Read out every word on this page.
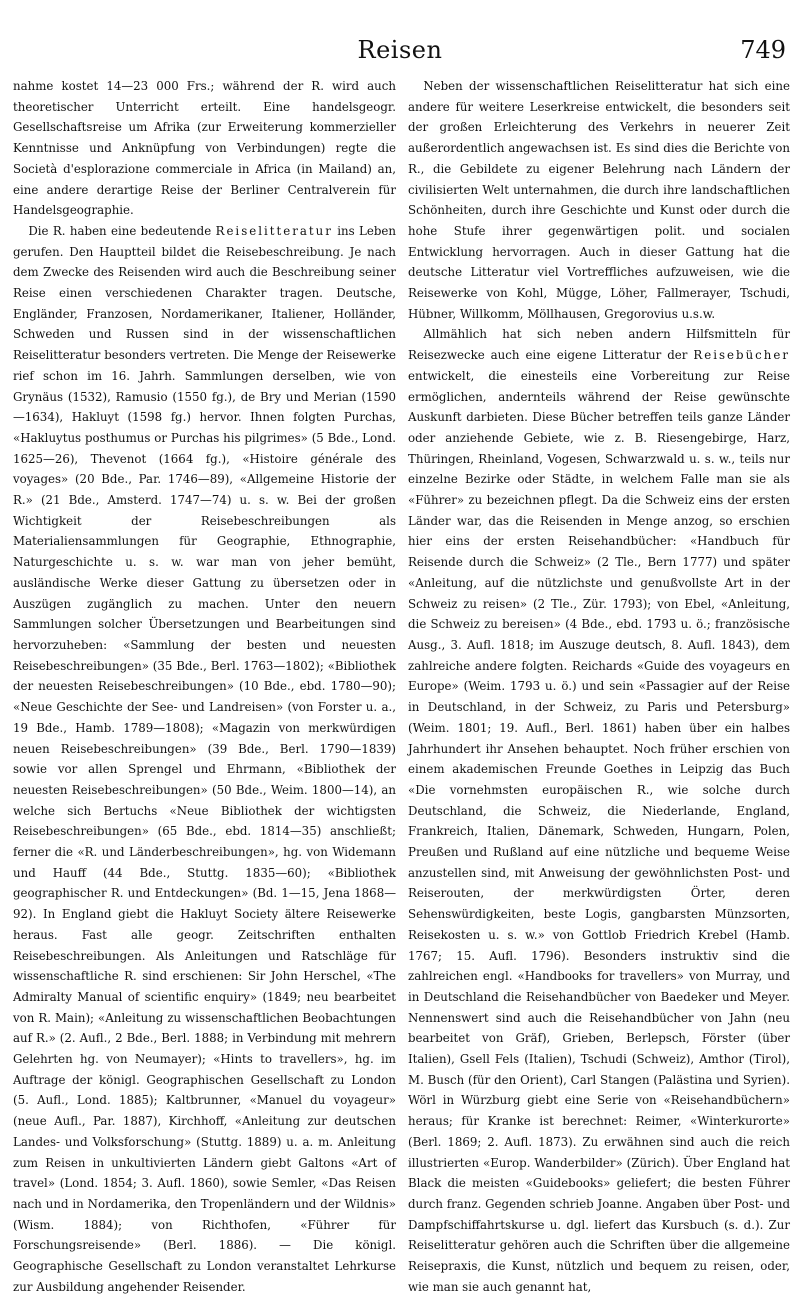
Reisen	749

nahme kostet 14—23 000 Frs.; während der R. wird auch theoretischer Unterricht erteilt. Eine handelsgeogr. Gesellschaftsreise um Afrika (zur Erweiterung kommerzieller Kenntnisse und Anknüpfung von Verbindungen) regte die Società d'esplorazione commerciale in Africa (in Mailand) an, eine andere derartige Reise der Berliner Centralverein für Handelsgeographie.

Die R. haben eine bedeutende Reiselitteratur ins Leben gerufen. Den Hauptteil bildet die Reisebeschreibung. Je nach dem Zwecke des Reisenden wird auch die Beschreibung seiner Reise einen verschiedenen Charakter tragen. Deutsche, Engländer, Franzosen, Nordamerikaner, Italiener, Holländer, Schweden und Russen sind in der wissenschaftlichen Reiselitteratur besonders vertreten. Die Menge der Reisewerke rief schon im 16. Jahrh. Sammlungen derselben, wie von Grynäus (1532), Ramusio (1550 fg.), de Bry und Merian (1590—1634), Hakluyt (1598 fg.) hervor. Ihnen folgten Purchas, «Hakluytus posthumus or Purchas his pilgrimes» (5 Bde., Lond. 1625—26), Thevenot (1664 fg.), «Histoire générale des voyages» (20 Bde., Par. 1746—89), «Allgemeine Historie der R.» (21 Bde., Amsterd. 1747—74) u. s. w. Bei der großen Wichtigkeit der Reisebeschreibungen als Materialiensammlungen für Geographie, Ethnographie, Naturgeschichte u. s. w. war man von jeher bemüht, ausländische Werke dieser Gattung zu übersetzen oder in Auszügen zugänglich zu machen. Unter den neuern Sammlungen solcher Übersetzungen und Bearbeitungen sind hervorzuheben: «Sammlung der besten und neuesten Reisebeschreibungen» (35 Bde., Berl. 1763—1802); «Bibliothek der neuesten Reisebeschreibungen» (10 Bde., ebd. 1780—90); «Neue Geschichte der See- und Landreisen» (von Forster u. a., 19 Bde., Hamb. 1789—1808); «Magazin von merkwürdigen neuen Reisebeschreibungen» (39 Bde., Berl. 1790—1839) sowie vor allen Sprengel und Ehrmann, «Bibliothek der neuesten Reisebeschreibungen» (50 Bde., Weim. 1800—14), an welche sich Bertuchs «Neue Bibliothek der wichtigsten Reisebeschreibungen» (65 Bde., ebd. 1814—35) anschließt; ferner die «R. und Länderbeschreibungen», hg. von Widemann und Hauff (44 Bde., Stuttg. 1835—60); «Bibliothek geographischer R. und Entdeckungen» (Bd. 1—15, Jena 1868—92). In England giebt die Hakluyt Society ältere Reisewerke heraus. Fast alle geogr. Zeitschriften enthalten Reisebeschreibungen. Als Anleitungen und Ratschläge für wissenschaftliche R. sind erschienen: Sir John Herschel, «The Admiralty Manual of scientific enquiry» (1849; neu bearbeitet von R. Main); «Anleitung zu wissenschaftlichen Beobachtungen auf R.» (2. Aufl., 2 Bde., Berl. 1888; in Verbindung mit mehrern Gelehrten hg. von Neumayer); «Hints to travellers», hg. im Auftrage der königl. Geographischen Gesellschaft zu London (5. Aufl., Lond. 1885); Kaltbrunner, «Manuel du voyageur» (neue Aufl., Par. 1887), Kirchhoff, «Anleitung zur deutschen Landes- und Volksforschung» (Stuttg. 1889) u. a. m. Anleitung zum Reisen in unkultivierten Ländern giebt Galtons «Art of travel» (Lond. 1854; 3. Aufl. 1860), sowie Semler, «Das Reisen nach und in Nordamerika, den Tropenländern und der Wildnis» (Wism. 1884); von Richthofen, «Führer für Forschungsreisende» (Berl. 1886). — Die königl. Geographische Gesellschaft zu London veranstaltet Lehrkurse zur Ausbildung angehender Reisender.

Neben der wissenschaftlichen Reiselitteratur hat sich eine andere für weitere Leserkreise entwickelt, die besonders seit der großen Erleichterung des Verkehrs in neuerer Zeit außerordentlich angewachsen ist. Es sind dies die Berichte von R., die Gebildete zu eigener Belehrung nach Ländern der civilisierten Welt unternahmen, die durch ihre landschaftlichen Schönheiten, durch ihre Geschichte und Kunst oder durch die hohe Stufe ihrer gegenwärtigen polit. und socialen Entwicklung hervorragen. Auch in dieser Gattung hat die deutsche Litteratur viel Vortreffliches aufzuweisen, wie die Reisewerke von Kohl, Mügge, Löher, Fallmerayer, Tschudi, Hübner, Willkomm, Möllhausen, Gregorovius u.s.w.

Allmählich hat sich neben andern Hilfsmitteln für Reisezwecke auch eine eigene Litteratur der Reisebücher entwickelt, die einesteils eine Vorbereitung zur Reise ermöglichen, andernteils während der Reise gewünschte Auskunft darbieten. Diese Bücher betreffen teils ganze Länder oder anziehende Gebiete, wie z. B. Riesengebirge, Harz, Thüringen, Rheinland, Vogesen, Schwarzwald u. s. w., teils nur einzelne Bezirke oder Städte, in welchem Falle man sie als «Führer» zu bezeichnen pflegt. Da die Schweiz eins der ersten Länder war, das die Reisenden in Menge anzog, so erschien hier eins der ersten Reisehandbücher: «Handbuch für Reisende durch die Schweiz» (2 Tle., Bern 1777) und später «Anleitung, auf die nützlichste und genußvollste Art in der Schweiz zu reisen» (2 Tle., Zür. 1793); von Ebel, «Anleitung, die Schweiz zu bereisen» (4 Bde., ebd. 1793 u. ö.; französische Ausg., 3. Aufl. 1818; im Auszuge deutsch, 8. Aufl. 1843), dem zahlreiche andere folgten. Reichards «Guide des voyageurs en Europe» (Weim. 1793 u. ö.) und sein «Passagier auf der Reise in Deutschland, in der Schweiz, zu Paris und Petersburg» (Weim. 1801; 19. Aufl., Berl. 1861) haben über ein halbes Jahrhundert ihr Ansehen behauptet. Noch früher erschien von einem akademischen Freunde Goethes in Leipzig das Buch «Die vornehmsten europäischen R., wie solche durch Deutschland, die Schweiz, die Niederlande, England, Frankreich, Italien, Dänemark, Schweden, Hungarn, Polen, Preußen und Rußland auf eine nützliche und bequeme Weise anzustellen sind, mit Anweisung der gewöhnlichsten Post- und Reiserouten, der merkwürdigsten Örter, deren Sehenswürdigkeiten, beste Logis, gangbarsten Münzsorten, Reisekosten u. s. w.» von Gottlob Friedrich Krebel (Hamb. 1767; 15. Aufl. 1796). Besonders instruktiv sind die zahlreichen engl. «Handbooks for travellers» von Murray, und in Deutschland die Reisehandbücher von Baedeker und Meyer. Nennenswert sind auch die Reisehandbücher von Jahn (neu bearbeitet von Gräf), Grieben, Berlepsch, Förster (über Italien), Gsell Fels (Italien), Tschudi (Schweiz), Amthor (Tirol), M. Busch (für den Orient), Carl Stangen (Palästina und Syrien). Wörl in Würzburg giebt eine Serie von «Reisehandbüchern» heraus; für Kranke ist berechnet: Reimer, «Winterkurorte» (Berl. 1869; 2. Aufl. 1873). Zu erwähnen sind auch die reich illustrierten «Europ. Wanderbilder» (Zürich). Über England hat Black die meisten «Guidebooks» geliefert; die besten Führer durch franz. Gegenden schrieb Joanne. Angaben über Post- und Dampfschiffahrtskurse u. dgl. liefert das Kursbuch (s. d.). Zur Reiselitteratur gehören auch die Schriften über die allgemeine Reisepraxis, die Kunst, nützlich und bequem zu reisen, oder, wie man sie auch genannt hat,
